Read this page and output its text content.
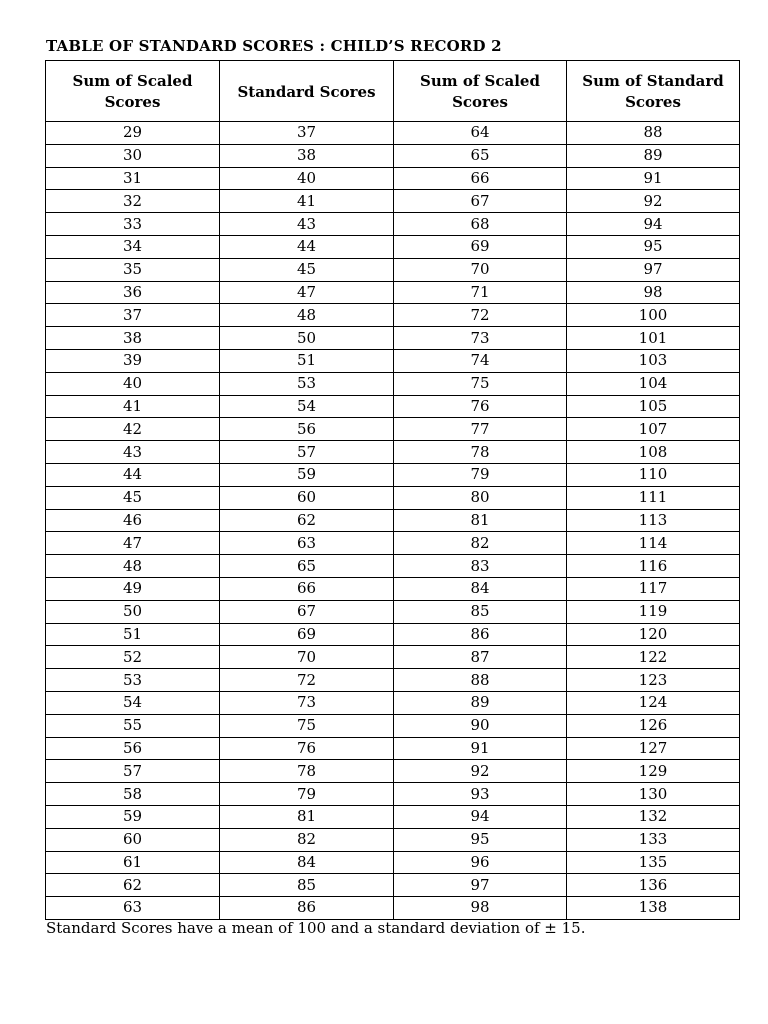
TABLE OF STANDARD SCORES : CHILD’S RECORD 2
Sum of Scaled Scores	Standard Scores	Sum of Scaled Scores	Sum of Standard Scores
29	37	64	88
30	38	65	89
31	40	66	91
32	41	67	92
33	43	68	94
34	44	69	95
35	45	70	97
36	47	71	98
37	48	72	100
38	50	73	101
39	51	74	103
40	53	75	104
41	54	76	105
42	56	77	107
43	57	78	108
44	59	79	110
45	60	80	111
46	62	81	113
47	63	82	114
48	65	83	116
49	66	84	117
50	67	85	119
51	69	86	120
52	70	87	122
53	72	88	123
54	73	89	124
55	75	90	126
56	76	91	127
57	78	92	129
58	79	93	130
59	81	94	132
60	82	95	133
61	84	96	135
62	85	97	136
63	86	98	138
Standard Scores have a mean of 100 and a standard deviation of ± 15.
